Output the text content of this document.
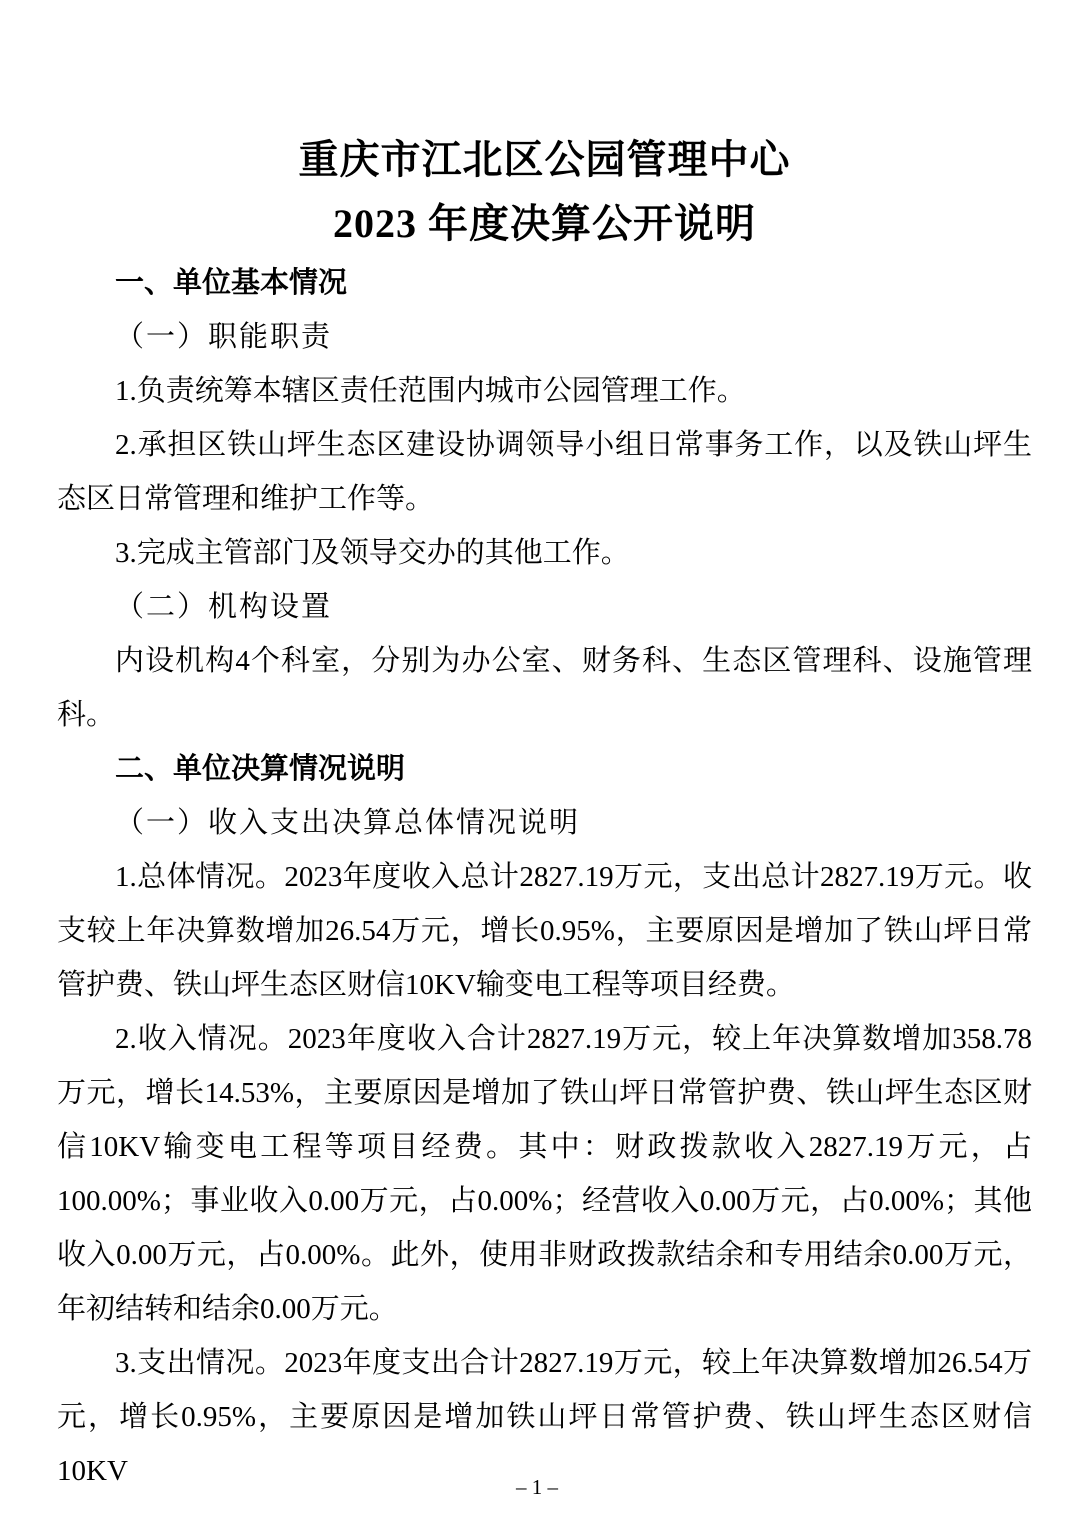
重庆市江北区公园管理中心
2023 年度决算公开说明
一、单位基本情况
（一）职能职责

1.负责统筹本辖区责任范围内城市公园管理工作。

2.承担区铁山坪生态区建设协调领导小组日常事务工作，以及铁山坪生态区日常管理和维护工作等。

3.完成主管部门及领导交办的其他工作。

（二）机构设置

内设机构4个科室，分别为办公室、财务科、生态区管理科、设施管理科。

二、单位决算情况说明
（一）收入支出决算总体情况说明

1.总体情况。2023年度收入总计2827.19万元，支出总计2827.19万元。收支较上年决算数增加26.54万元，增长0.95%，主要原因是增加了铁山坪日常管护费、铁山坪生态区财信10KV输变电工程等项目经费。

2.收入情况。2023年度收入合计2827.19万元，较上年决算数增加358.78万元，增长14.53%，主要原因是增加了铁山坪日常管护费、铁山坪生态区财信10KV输变电工程等项目经费。其中：财政拨款收入2827.19万元，占100.00%；事业收入0.00万元，占0.00%；经营收入0.00万元，占0.00%；其他收入0.00万元，占0.00%。此外，使用非财政拨款结余和专用结余0.00万元，年初结转和结余0.00万元。

3.支出情况。2023年度支出合计2827.19万元，较上年决算数增加26.54万元，增长0.95%，主要原因是增加铁山坪日常管护费、铁山坪生态区财信10KV	– 1 –
